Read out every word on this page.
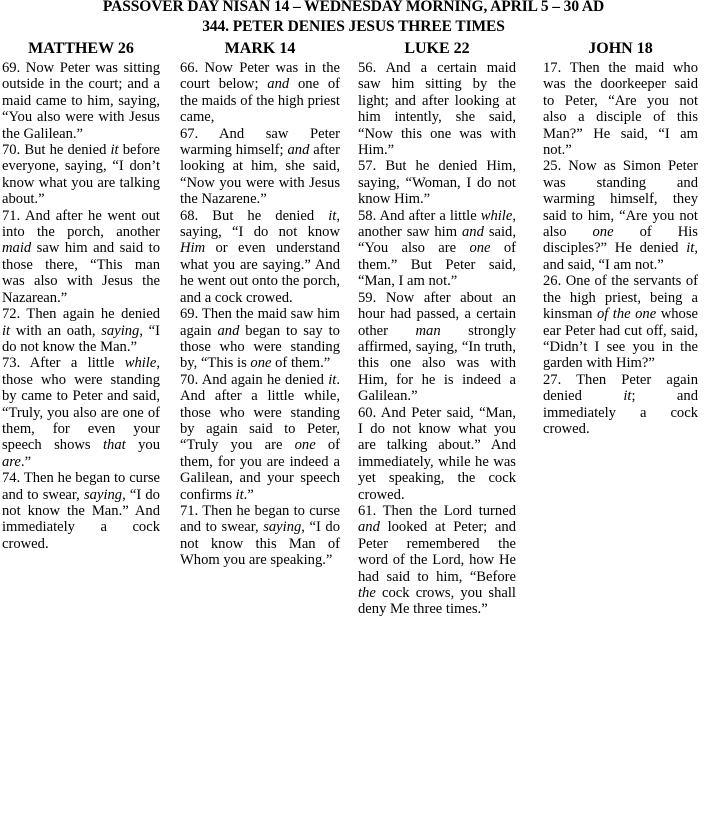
PASSOVER DAY NISAN 14 – WEDNESDAY MORNING, APRIL 5 – 30 AD
344. PETER DENIES JESUS THREE TIMES
MATTHEW 26

69. Now Peter was sitting outside in the court; and a maid came to him, saying, “You also were with Jesus the Galilean.”

70. But he denied it before everyone, saying, “I don’t know what you are talking about.”

71. And after he went out into the porch, another maid saw him and said to those there, “This man was also with Jesus the Nazarean.”

72. Then again he denied it with an oath, saying, “I do not know the Man.”

73. After a little while, those who were standing by came to Peter and said, “Truly, you also are one of them, for even your speech shows that you are.”

74. Then he began to curse and to swear, saying, “I do not know the Man.” And immediately a cock crowed.

MARK 14

66. Now Peter was in the court below; and one of the maids of the high priest came,

67. And saw Peter warming himself; and after looking at him, she said, “Now you were with Jesus the Nazarene.”

68. But he denied it, saying, “I do not know Him or even understand what you are saying.” And he went out onto the porch, and a cock crowed.

69. Then the maid saw him again and began to say to those who were standing by, “This is one of them.”

70. And again he denied it. And after a little while, those who were standing by again said to Peter, “Truly you are one of them, for you are indeed a Galilean, and your speech confirms it.”

71. Then he began to curse and to swear, saying, “I do not know this Man of Whom you are speaking.”

LUKE 22

56. And a certain maid saw him sitting by the light; and after looking at him intently, she said, “Now this one was with Him.”

57. But he denied Him, saying, “Woman, I do not know Him.”

58. And after a little while, another saw him and said, “You also are one of them.” But Peter said, “Man, I am not.”

59. Now after about an hour had passed, a certain other man strongly affirmed, saying, “In truth, this one also was with Him, for he is indeed a Galilean.”

60. And Peter said, “Man, I do not know what you are talking about.” And immediately, while he was yet speaking, the cock crowed.

61. Then the Lord turned and looked at Peter; and Peter remembered the word of the Lord, how He had said to him, “Before the cock crows, you shall deny Me three times.”

JOHN 18

17. Then the maid who was the doorkeeper said to Peter, “Are you not also a disciple of this Man?” He said, “I am not.”

25. Now as Simon Peter was standing and warming himself, they said to him, “Are you not also one of His disciples?” He denied it, and said, “I am not.”

26. One of the servants of the high priest, being a kinsman of the one whose ear Peter had cut off, said, “Didn’t I see you in the garden with Him?”

27. Then Peter again denied it; and immediately a cock crowed.
